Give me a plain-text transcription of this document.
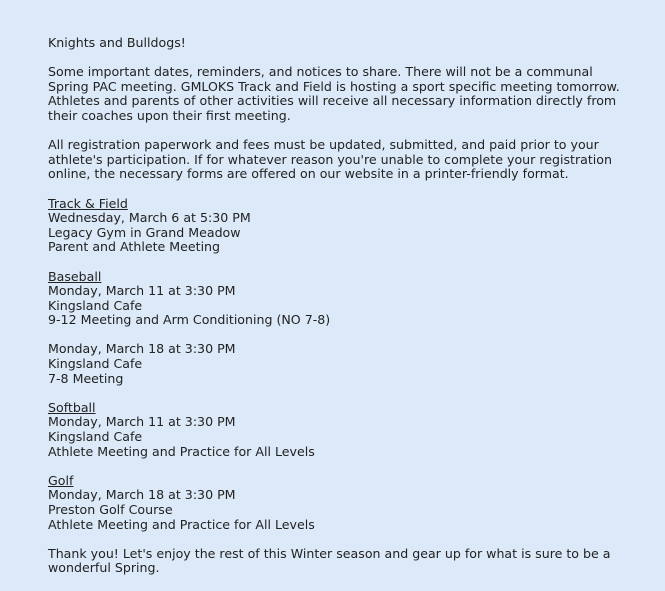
Knights and Bulldogs!

Some important dates, reminders, and notices to share. There will not be a communal
Spring PAC meeting. GMLOKS Track and Field is hosting a sport specific meeting tomorrow.
Athletes and parents of other activities will receive all necessary information directly from
their coaches upon their first meeting.

All registration paperwork and fees must be updated, submitted, and paid prior to your
athlete's participation. If for whatever reason you're unable to complete your registration
online, the necessary forms are offered on our website in a printer-friendly format.

Track & Field
Wednesday, March 6 at 5:30 PM
Legacy Gym in Grand Meadow
Parent and Athlete Meeting
Baseball
Monday, March 11 at 3:30 PM
Kingsland Cafe
9-12 Meeting and Arm Conditioning (NO 7-8)
Monday, March 18 at 3:30 PM
Kingsland Cafe
7-8 Meeting
Softball
Monday, March 11 at 3:30 PM
Kingsland Cafe
Athlete Meeting and Practice for All Levels
Golf
Monday, March 18 at 3:30 PM
Preston Golf Course
Athlete Meeting and Practice for All Levels

Thank you! Let's enjoy the rest of this Winter season and gear up for what is sure to be a
wonderful Spring.
